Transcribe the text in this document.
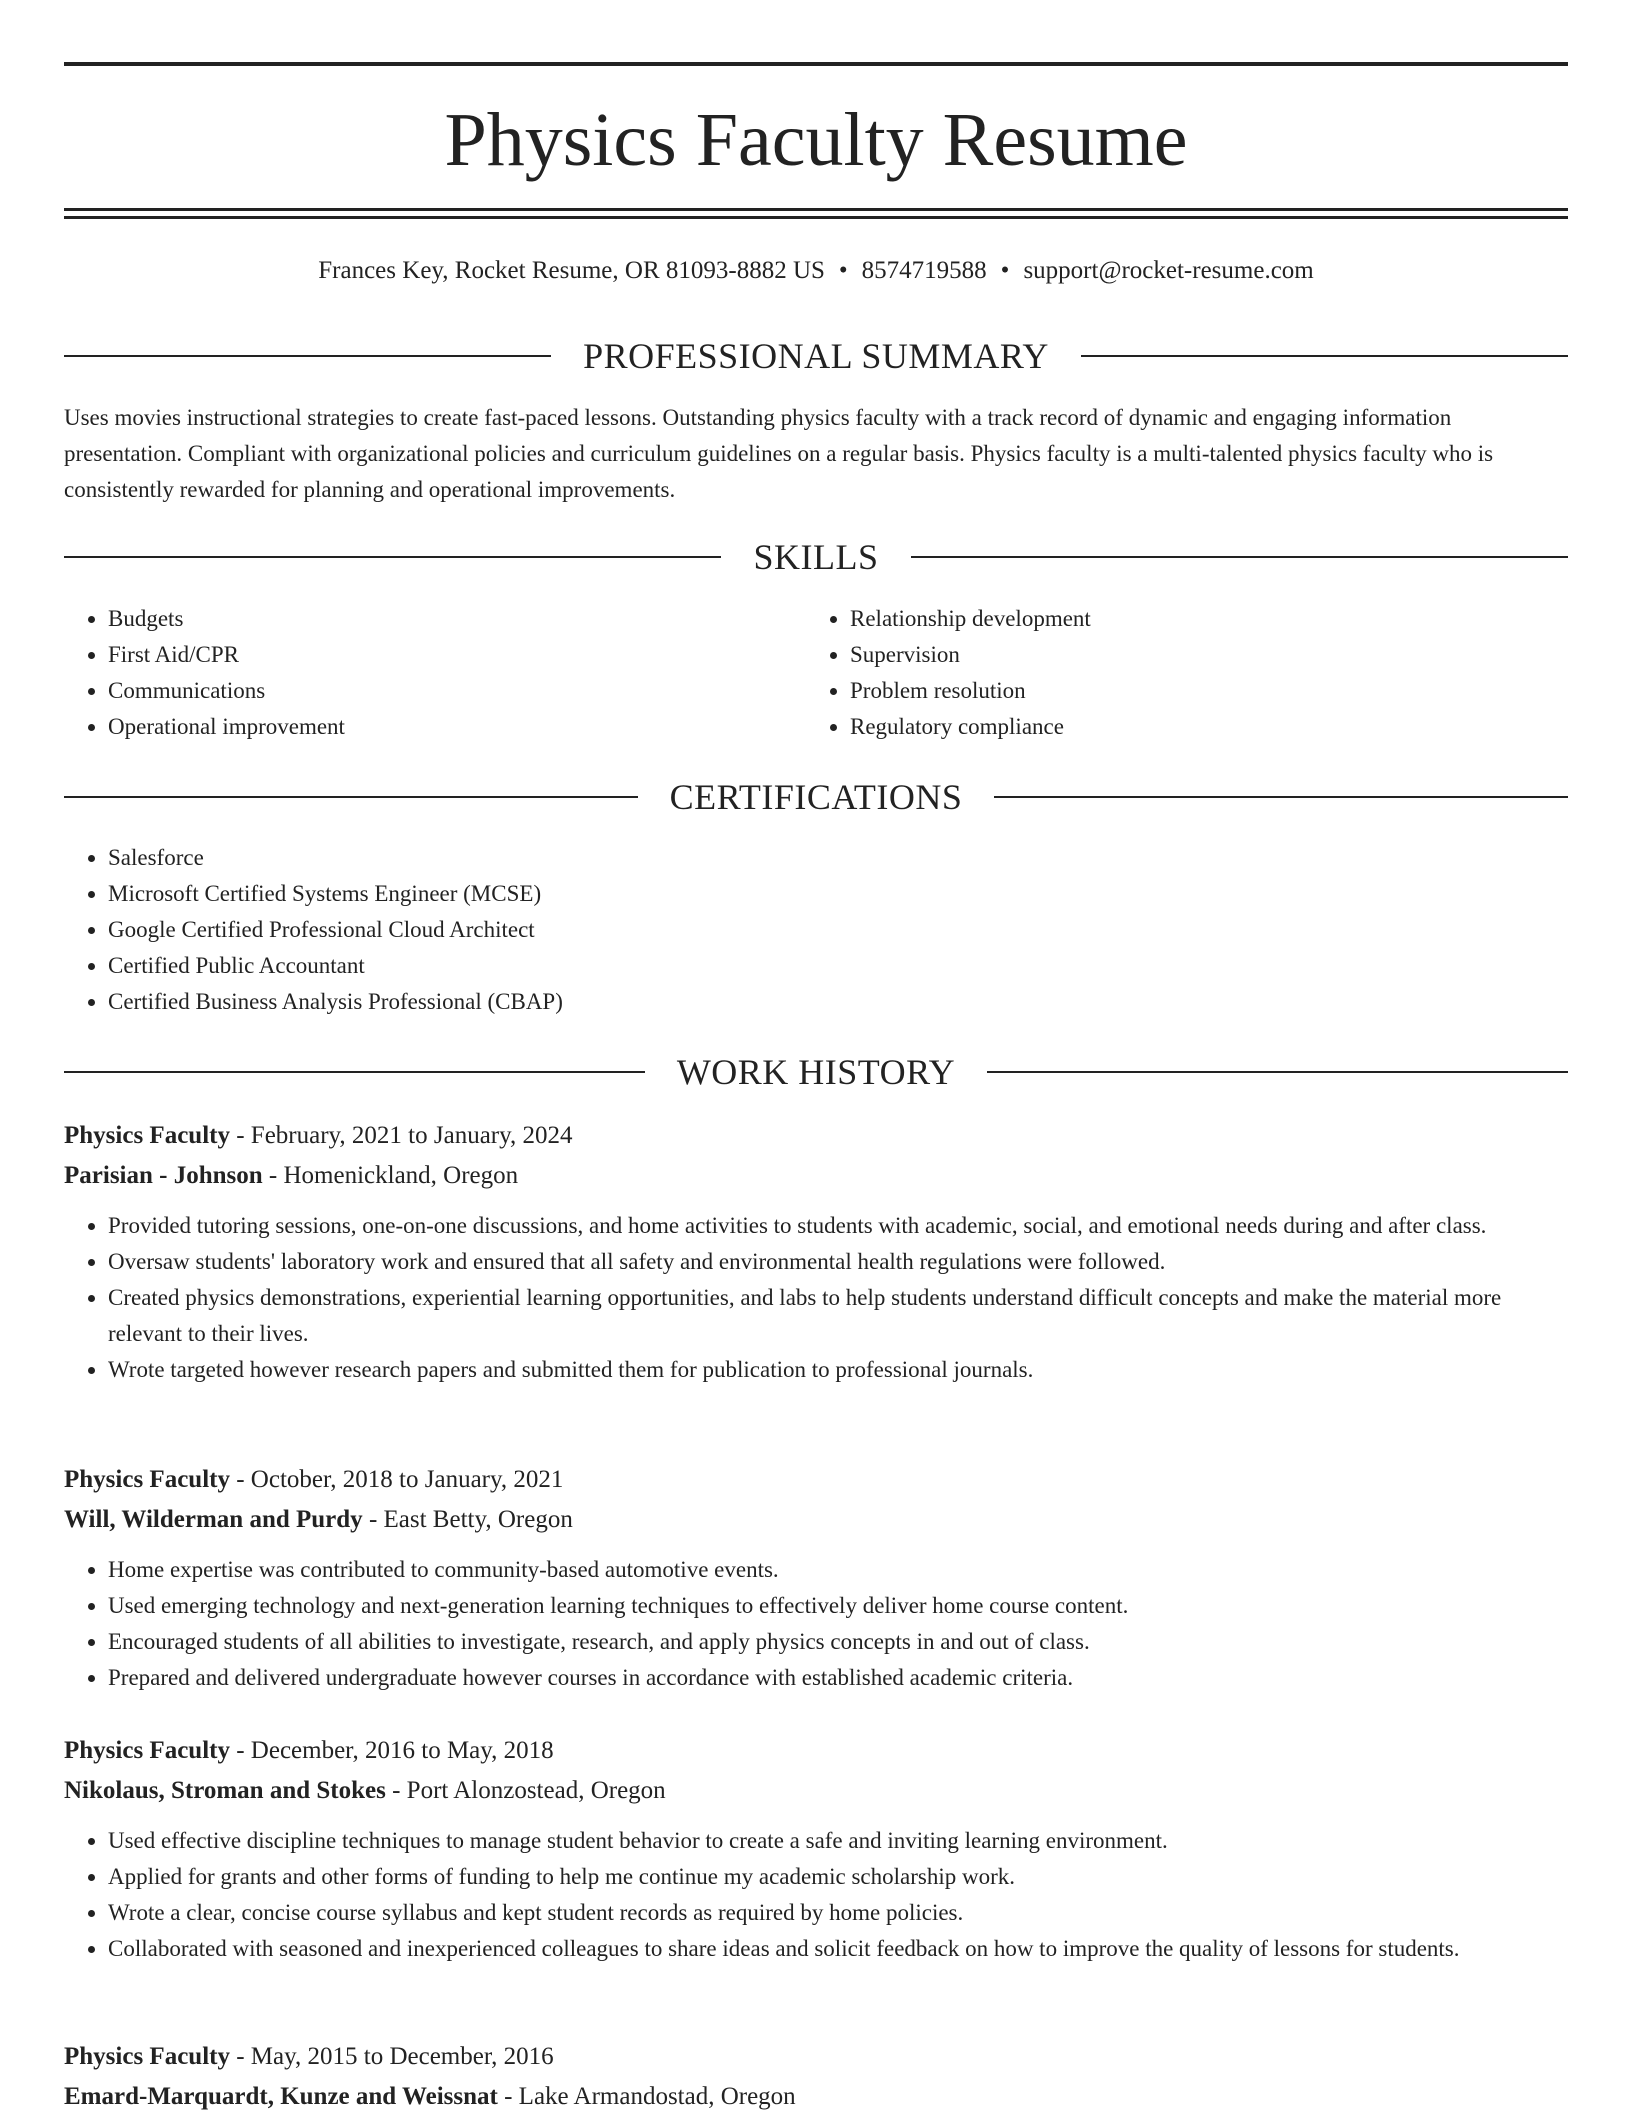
Physics Faculty Resume
Frances Key, Rocket Resume, OR 81093-8882 US • 8574719588 • support@rocket-resume.com
PROFESSIONAL SUMMARY
Uses movies instructional strategies to create fast-paced lessons. Outstanding physics faculty with a track record of dynamic and engaging information presentation. Compliant with organizational policies and curriculum guidelines on a regular basis. Physics faculty is a multi-talented physics faculty who is consistently rewarded for planning and operational improvements.
SKILLS
• Budgets
• First Aid/CPR
• Communications
• Operational improvement
• Relationship development
• Supervision
• Problem resolution
• Regulatory compliance
CERTIFICATIONS
• Salesforce
• Microsoft Certified Systems Engineer (MCSE)
• Google Certified Professional Cloud Architect
• Certified Public Accountant
• Certified Business Analysis Professional (CBAP)
WORK HISTORY
Physics Faculty - February, 2021 to January, 2024
Parisian - Johnson - Homenickland, Oregon
• Provided tutoring sessions, one-on-one discussions, and home activities to students with academic, social, and emotional needs during and after class.
• Oversaw students' laboratory work and ensured that all safety and environmental health regulations were followed.
• Created physics demonstrations, experiential learning opportunities, and labs to help students understand difficult concepts and make the material more relevant to their lives.
• Wrote targeted however research papers and submitted them for publication to professional journals.
Physics Faculty - October, 2018 to January, 2021
Will, Wilderman and Purdy - East Betty, Oregon
• Home expertise was contributed to community-based automotive events.
• Used emerging technology and next-generation learning techniques to effectively deliver home course content.
• Encouraged students of all abilities to investigate, research, and apply physics concepts in and out of class.
• Prepared and delivered undergraduate however courses in accordance with established academic criteria.
Physics Faculty - December, 2016 to May, 2018
Nikolaus, Stroman and Stokes - Port Alonzostead, Oregon
• Used effective discipline techniques to manage student behavior to create a safe and inviting learning environment.
• Applied for grants and other forms of funding to help me continue my academic scholarship work.
• Wrote a clear, concise course syllabus and kept student records as required by home policies.
• Collaborated with seasoned and inexperienced colleagues to share ideas and solicit feedback on how to improve the quality of lessons for students.
Physics Faculty - May, 2015 to December, 2016
Emard-Marquardt, Kunze and Weissnat - Lake Armandostad, Oregon
